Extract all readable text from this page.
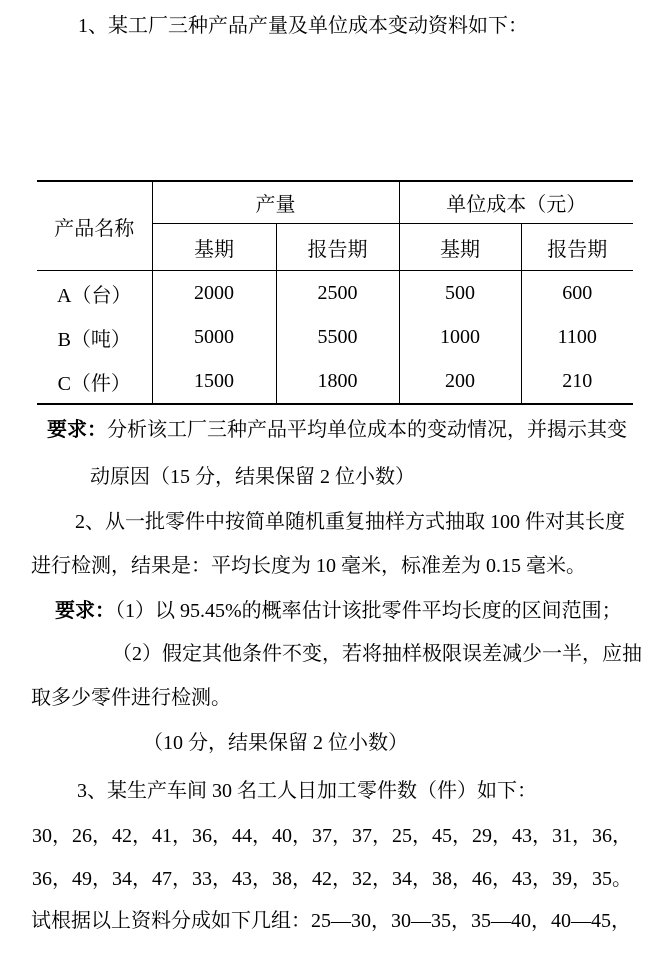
1、某工厂三种产品产量及单位成本变动资料如下：
产品名称	产量		单位成本（元）	
	基期	报告期	基期	报告期
A（台）	2000	2500	500	600
B（吨）	5000	5500	1000	1100
C（件）	1500	1800	200	210
要求：分析该工厂三种产品平均单位成本的变动情况，并揭示其变
动原因（15 分，结果保留 2 位小数）
2、从一批零件中按简单随机重复抽样方式抽取 100 件对其长度
进行检测，结果是：平均长度为 10 毫米，标准差为 0.15 毫米。
要求：（1）以 95.45%的概率估计该批零件平均长度的区间范围；
（2）假定其他条件不变，若将抽样极限误差减少一半，应抽
取多少零件进行检测。
（10 分，结果保留 2 位小数）
3、某生产车间 30 名工人日加工零件数（件）如下：
30，26，42，41，36，44，40，37，37，25，45，29，43，31，36，
36，49，34，47，33，43，38，42，32，34，38，46，43，39，35。
试根据以上资料分成如下几组：25—30，30—35，35—40，40—45，
